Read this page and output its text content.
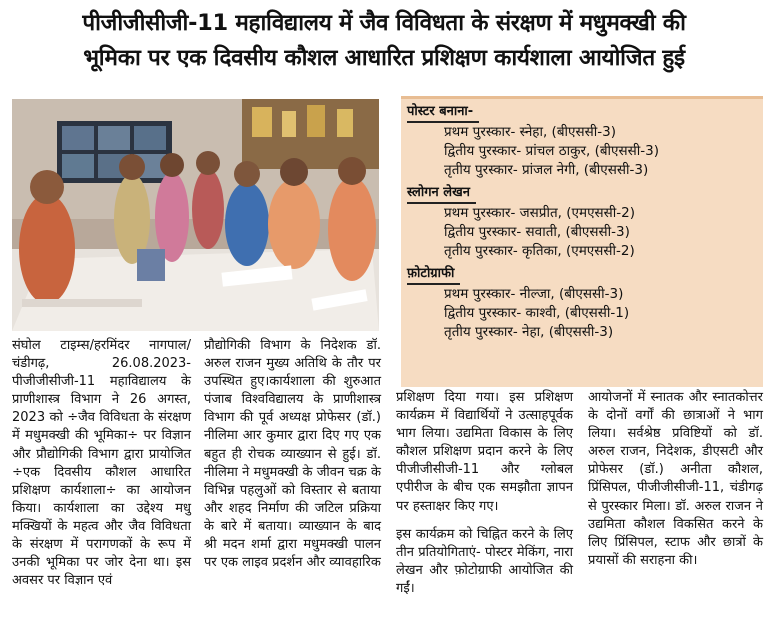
पीजीजीसीजी-11 महाविद्यालय में जैव विविधता के संरक्षण में मधुमक्खी की
भूमिका पर एक दिवसीय कौशल आधारित प्रशिक्षण कार्यशाला आयोजित हुई
पोस्टर बनाना-
प्रथम पुरस्कार- स्नेहा, (बीएससी-3)
द्वितीय पुरस्कार- प्रांचल ठाकुर, (बीएससी-3)
तृतीय पुरस्कार- प्रांजल नेगी, (बीएससी-3)
स्लोगन लेखन
प्रथम पुरस्कार- जसप्रीत, (एमएससी-2)
द्वितीय पुरस्कार- सवाती, (बीएससी-3)
तृतीय पुरस्कार- कृतिका, (एमएससी-2)
फ़ोटोग्राफी
प्रथम पुरस्कार- नील्जा, (बीएससी-3)
द्वितीय पुरस्कार- काश्वी, (बीएससी-1)
तृतीय पुरस्कार- नेहा, (बीएससी-3)

संघोल टाइम्स/हरमिंदर नागपाल/ चंडीगढ़, 26.08.2023- पीजीजीसीजी-11 महाविद्यालय के प्राणीशास्त्र विभाग ने 26 अगस्त, 2023 को ÷जैव विविधता के संरक्षण में मधुमक्खी की भूमिका÷ पर विज्ञान और प्रौद्योगिकी विभाग द्वारा प्रायोजित ÷एक दिवसीय कौशल आधारित प्रशिक्षण कार्यशाला÷ का आयोजन किया। कार्यशाला का उद्देश्य मधु मक्खियों के महत्व और जैव विविधता के संरक्षण में परागणकों के रूप में उनकी भूमिका पर जोर देना था। इस अवसर पर विज्ञान एवं

प्रौद्योगिकी विभाग के निदेशक डॉ. अरुल राजन मुख्य अतिथि के तौर पर उपस्थित हुए।कार्यशाला की शुरुआत पंजाब विश्वविद्यालय के प्राणीशास्त्र विभाग की पूर्व अध्यक्ष प्रोफेसर (डॉ.) नीलिमा आर कुमार द्वारा दिए गए एक बहुत ही रोचक व्याख्यान से हुई। डॉ. नीलिमा ने मधुमक्खी के जीवन चक्र के विभिन्न पहलुओं को विस्तार से बताया और शहद निर्माण की जटिल प्रक्रिया के बारे में बताया। व्याख्यान के बाद श्री मदन शर्मा द्वारा मधुमक्खी पालन पर एक लाइव प्रदर्शन और व्यावहारिक

प्रशिक्षण दिया गया। इस प्रशिक्षण कार्यक्रम में विद्यार्थियों ने उत्साहपूर्वक भाग लिया। उद्यमिता विकास के लिए कौशल प्रशिक्षण प्रदान करने के लिए पीजीजीसीजी-11 और ग्लोबल एपीरीज के बीच एक समझौता ज्ञापन पर हस्ताक्षर किए गए।

इस कार्यक्रम को चिह्नित करने के लिए तीन प्रतियोगिताएं- पोस्टर मेकिंग, नारा लेखन और फ़ोटोग्राफी आयोजित की गईं।

आयोजनों में स्नातक और स्नातकोत्तर के दोनों वर्गों की छात्राओं ने भाग लिया। सर्वश्रेष्ठ प्रविष्टियों को डॉ. अरुल राजन, निदेशक, डीएसटी और प्रोफेसर (डॉ.) अनीता कौशल, प्रिंसिपल, पीजीजीसीजी-11, चंडीगढ़ से पुरस्कार मिला। डॉ. अरुल राजन ने उद्यमिता कौशल विकसित करने के लिए प्रिंसिपल, स्टाफ और छात्रों के प्रयासों की सराहना की।
